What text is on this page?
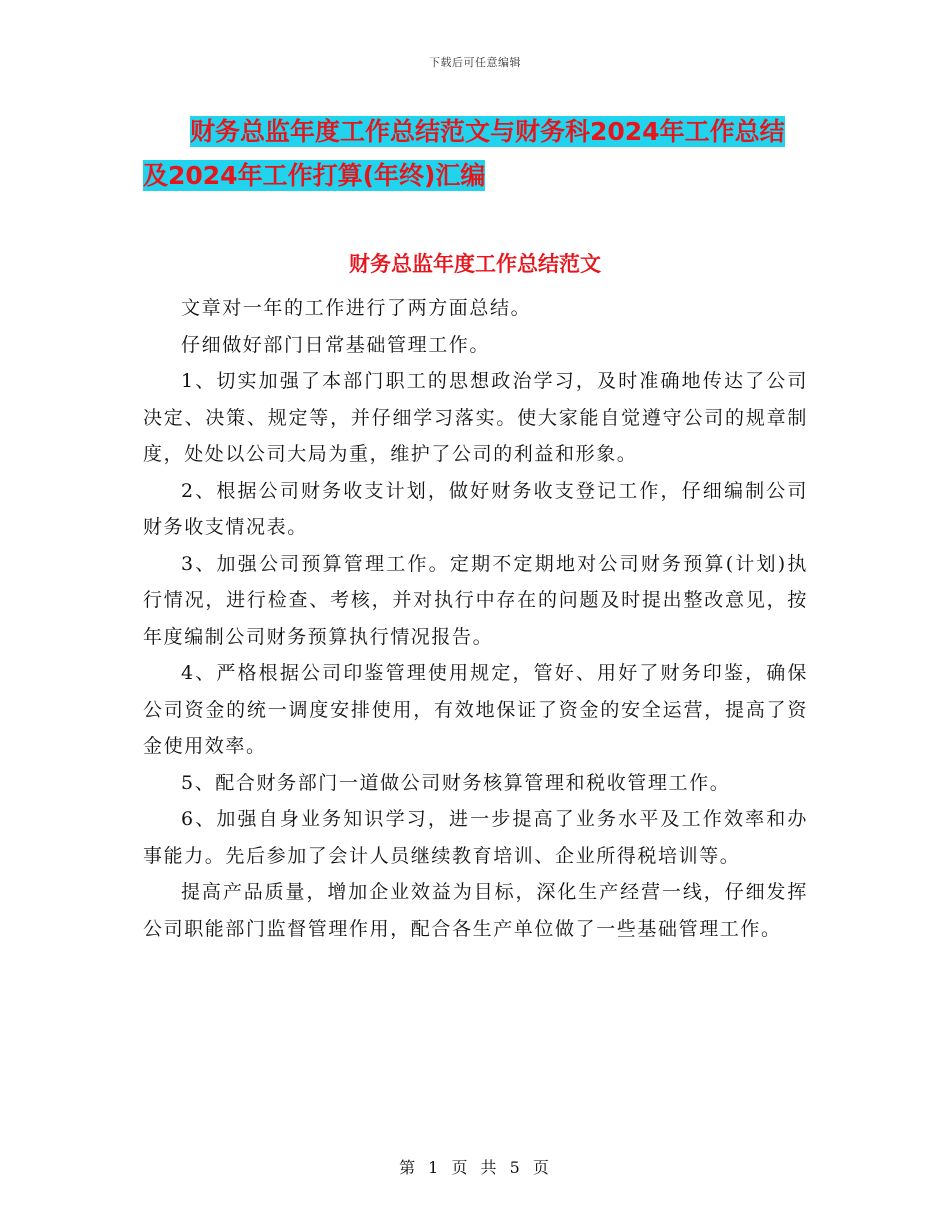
下载后可任意编辑
财务总监年度工作总结范文与财务科2024年工作总结
及2024年工作打算(年终)汇编
财务总监年度工作总结范文

文章对一年的工作进行了两方面总结。

仔细做好部门日常基础管理工作。

1、切实加强了本部门职工的思想政治学习，及时准确地传达了公司决定、决策、规定等，并仔细学习落实。使大家能自觉遵守公司的规章制度，处处以公司大局为重，维护了公司的利益和形象。

2、根据公司财务收支计划，做好财务收支登记工作，仔细编制公司财务收支情况表。

3、加强公司预算管理工作。定期不定期地对公司财务预算(计划)执行情况，进行检查、考核，并对执行中存在的问题及时提出整改意见，按年度编制公司财务预算执行情况报告。

4、严格根据公司印鉴管理使用规定，管好、用好了财务印鉴，确保公司资金的统一调度安排使用，有效地保证了资金的安全运营，提高了资金使用效率。

5、配合财务部门一道做公司财务核算管理和税收管理工作。

6、加强自身业务知识学习，进一步提高了业务水平及工作效率和办事能力。先后参加了会计人员继续教育培训、企业所得税培训等。

提高产品质量，增加企业效益为目标，深化生产经营一线，仔细发挥公司职能部门监督管理作用，配合各生产单位做了一些基础管理工作。

第 1 页 共 5 页
